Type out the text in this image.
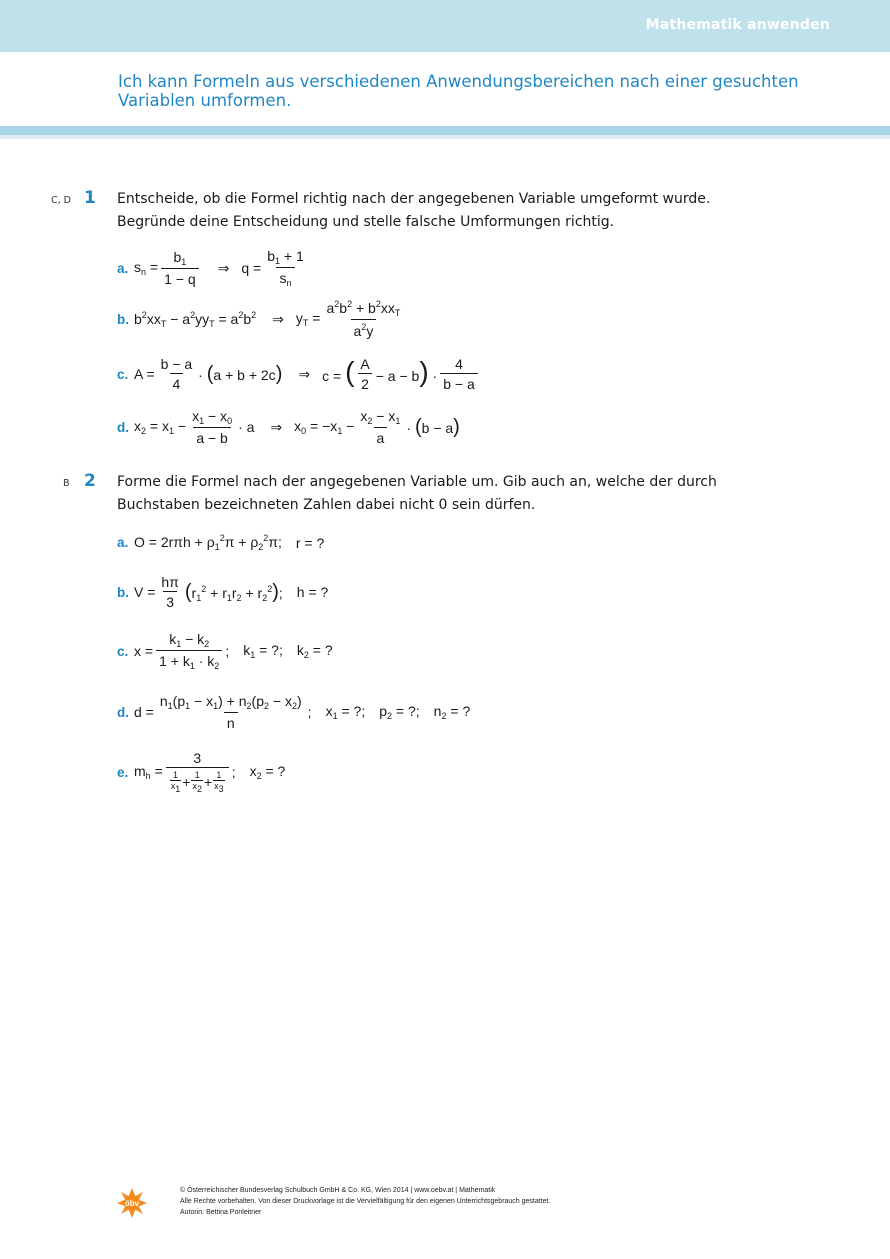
Mathematik anwenden
Ich kann Formeln aus verschiedenen Anwendungsbereichen nach einer gesuchten Variablen umformen.
C, D 1 Entscheide, ob die Formel richtig nach der angegebenen Variable umgeformt wurde. Begründe deine Entscheidung und stelle falsche Umformungen richtig.
a. $s_n = \frac{b_1}{1 - q}$ ⇒ $q = \frac{b_1 + 1}{s_n}$
b. $b^2xx_T - a^2yy_T = a^2b^2$ ⇒ $y_T = \frac{a^2b^2 + b^2xx_T}{a^2y}$
c. $A = \frac{b - a}{4} \cdot (a + b + 2c)$ ⇒ c = ( $\frac{A}{2} - a - b) \cdot \frac{4}{b - a}$
d. $x_2 = x_1 - \frac{x_1 - x_0}{a - b} \cdot a$ ⇒ $x_0 = -x_1 - \frac{x_2 - x_1}{a} \cdot (b - a)$
B 2 Forme die Formel nach der angegebenen Variable um. Gib auch an, welche der durch Buchstaben bezeichneten Zahlen dabei nicht 0 sein dürfen.
a. $O = 2r\pi h + \rho_1^2\pi + \rho_2^2\pi$; r = ?
b. $V = \frac{h\pi}{3} (r_1^2 + r_1r_2 + r_2^2)$; h = ?
c. $x = \frac{k_1 - k_2}{1 + k_1 \cdot k_2}$ ; $k_1$ = ?; $k_2$ = ?
d. $d = \frac{n_1(p_1 - x_1) + n_2(p_2 - x_2)}{n}$ ; $x_1$ = ?; $p_2$ = ?; $n_2$ = ?
e. $m_h = \frac{3}{\frac{1}{x_1} + \frac{1}{x_2} + \frac{1}{x_3}}$ ; $x_2$ = ?
öbv
© Österreichischer Bundesverlag Schulbuch GmbH & Co. KG, Wien 2014 | www.oebv.at | Mathematik
Alle Rechte vorbehalten. Von dieser Druckvorlage ist die Vervielfältigung für den eigenen Unterrichtsgebrauch gestattet.
Autorin: Bettina Ponleitner
